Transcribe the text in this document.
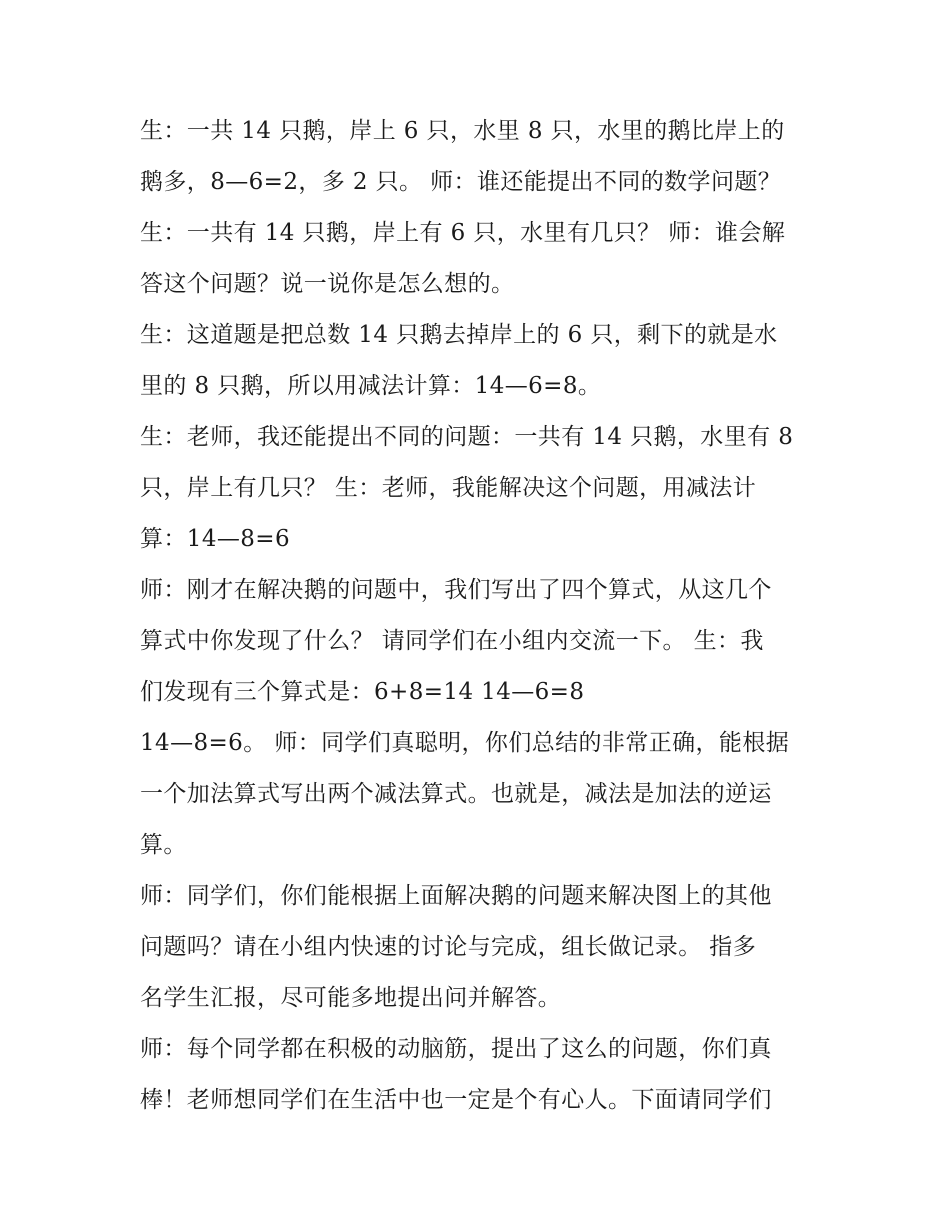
生：一共 14 只鹅，岸上 6 只，水里 8 只，水里的鹅比岸上的
鹅多，8—6=2，多 2 只。 师：谁还能提出不同的数学问题？
生：一共有 14 只鹅，岸上有 6 只，水里有几只？ 师：谁会解
答这个问题？说一说你是怎么想的。
生：这道题是把总数 14 只鹅去掉岸上的 6 只，剩下的就是水
里的 8 只鹅，所以用减法计算：14—6=8。
生：老师，我还能提出不同的问题：一共有 14 只鹅，水里有 8
只，岸上有几只？ 生：老师，我能解决这个问题，用减法计
算：14—8=6
师：刚才在解决鹅的问题中，我们写出了四个算式，从这几个
算式中你发现了什么？ 请同学们在小组内交流一下。 生：我
们发现有三个算式是：6+8=14 14—6=8
14—8=6。 师：同学们真聪明，你们总结的非常正确，能根据
一个加法算式写出两个减法算式。也就是，减法是加法的逆运
算。
师：同学们，你们能根据上面解决鹅的问题来解决图上的其他
问题吗？请在小组内快速的讨论与完成，组长做记录。 指多
名学生汇报，尽可能多地提出问并解答。
师：每个同学都在积极的动脑筋，提出了这么的问题，你们真
棒！老师想同学们在生活中也一定是个有心人。下面请同学们
